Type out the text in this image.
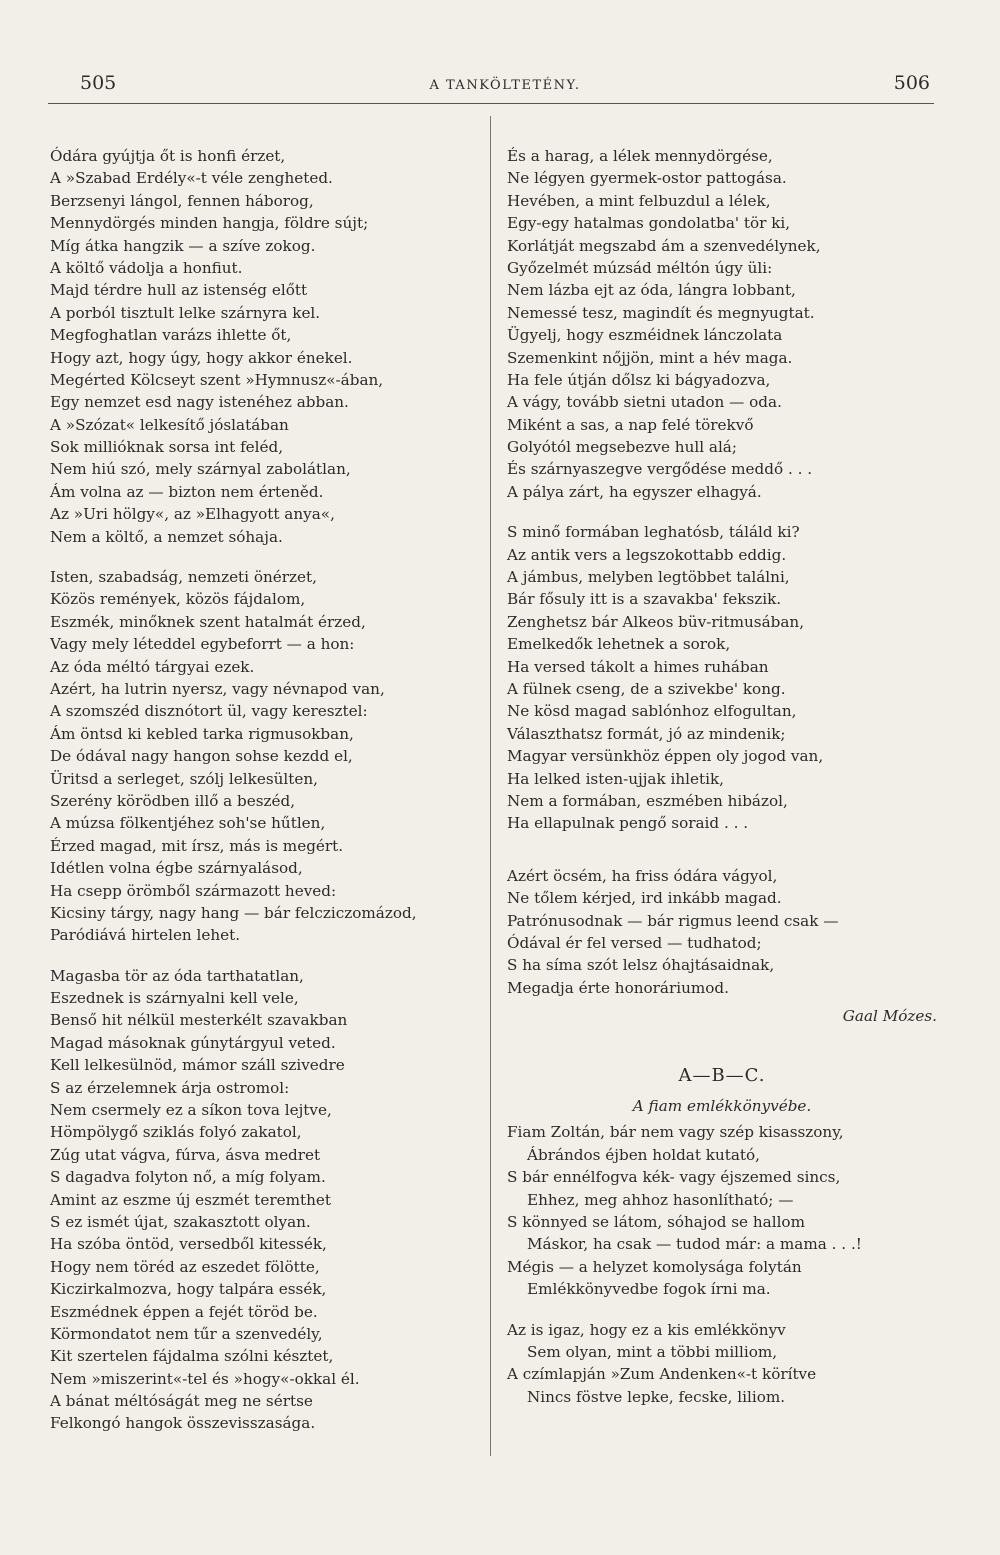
505	A TANKÖLTETÉNY.	506
Ódára gyújtja őt is honfi érzet,
A »Szabad Erdély«-t véle zengheted.
Berzsenyi lángol, fennen háborog,
Mennydörgés minden hangja, földre sújt;
Míg átka hangzik — a szíve zokog.
A költő vádolja a honfiut.
Majd térdre hull az istenség előtt
A porból tisztult lelke szárnyra kel.
Megfoghatlan varázs ihlette őt,
Hogy azt, hogy úgy, hogy akkor énekel.
Megérted Kölcseyt szent »Hymnusz«-ában,
Egy nemzet esd nagy istenéhez abban.
A »Szózat« lelkesítő jóslatában
Sok millióknak sorsa int feléd,
Nem hiú szó, mely szárnyal zabolátlan,
Ám volna az — bizton nem érteněd.
Az »Uri hölgy«, az »Elhagyott anya«,
Nem a költő, a nemzet sóhaja.
Isten, szabadság, nemzeti önérzet,
Közös remények, közös fájdalom,
Eszmék, minőknek szent hatalmát érzed,
Vagy mely léteddel egybeforrt — a hon:
Az óda méltó tárgyai ezek.
Azért, ha lutrin nyersz, vagy névnapod van,
A szomszéd disznótort ül, vagy keresztel:
Ám öntsd ki kebled tarka rigmusokban,
De ódával nagy hangon sohse kezdd el,
Üritsd a serleget, szólj lelkesülten,
Szerény körödben illő a beszéd,
A múzsa fölkentjéhez soh'se hűtlen,
Érzed magad, mit írsz, más is megért.
Idétlen volna égbe szárnyalásod,
Ha csepp örömből származott heved:
Kicsiny tárgy, nagy hang — bár felcziczomázod,
Paródiává hirtelen lehet.
Magasba tör az óda tarthatatlan,
Eszednek is szárnyalni kell vele,
Benső hit nélkül mesterkélt szavakban
Magad másoknak gúnytárgyul veted.
Kell lelkesülnöd, mámor száll szivedre
S az érzelemnek árja ostromol:
Nem csermely ez a síkon tova lejtve,
Hömpölygő sziklás folyó zakatol,
Zúg utat vágva, fúrva, ásva medret
S dagadva folyton nő, a míg folyam.
Amint az eszme új eszmét teremthet
S ez ismét újat, szakasztott olyan.
Ha szóba öntöd, versedből kitessék,
Hogy nem töréd az eszedet fölötte,
Kiczirkalmozva, hogy talpára essék,
Eszmédnek éppen a fejét töröd be.
Körmondatot nem tűr a szenvedély,
Kit szertelen fájdalma szólni késztet,
Nem »miszerint«-tel és »hogy«-okkal él.
A bánat méltóságát meg ne sértse
Felkongó hangok összevisszasága.
És a harag, a lélek mennydörgése,
Ne légyen gyermek-ostor pattogása.
Hevében, a mint felbuzdul a lélek,
Egy-egy hatalmas gondolatba' tör ki,
Korlátját megszabd ám a szenvedélynek,
Győzelmét múzsád méltón úgy üli:
Nem lázba ejt az óda, lángra lobbant,
Nemessé tesz, magindít és megnyugtat.
Ügyelj, hogy eszméidnek lánczolata
Szemenkint nőjjön, mint a hév maga.
Ha fele útján dőlsz ki bágyadozva,
A vágy, tovább sietni utadon — oda.
Miként a sas, a nap felé törekvő
Golyótól megsebezve hull alá;
És szárnyaszegve vergődése meddő . . .
A pálya zárt, ha egyszer elhagyá.
S minő formában leghatósb, táláld ki?
Az antik vers a legszokottabb eddig.
A jámbus, melyben legtöbbet találni,
Bár fősuly itt is a szavakba' fekszik.
Zenghetsz bár Alkeos büv-ritmusában,
Emelkedők lehetnek a sorok,
Ha versed tákolt a himes ruhában
A fülnek cseng, de a szivekbe' kong.
Ne kösd magad sablónhoz elfogultan,
Választhatsz formát, jó az mindenik;
Magyar versünkhöz éppen oly jogod van,
Ha lelked isten-ujjak ihletik,
Nem a formában, eszmében hibázol,
Ha ellapulnak pengő soraid . . .
Azért öcsém, ha friss ódára vágyol,
Ne tőlem kérjed, ird inkább magad.
Patrónusodnak — bár rigmus leend csak —
Ódával ér fel versed — tudhatod;
S ha síma szót lelsz óhajtásaidnak,
Megadja érte honoráriumod.
Gaal Mózes.
A—B—C.
A fiam emlékkönyvébe.
Fiam Zoltán, bár nem vagy szép kisasszony,
Ábrándos éjben holdat kutató,
S bár ennélfogva kék- vagy éjszemed sincs,
Ehhez, meg ahhoz hasonlítható; —
S könnyed se látom, sóhajod se hallom
Máskor, ha csak — tudod már: a mama . . .!
Mégis — a helyzet komolysága folytán
Emlékkönyvedbe fogok írni ma.
Az is igaz, hogy ez a kis emlékkönyv
Sem olyan, mint a többi milliom,
A czímlapján »Zum Andenken«-t körítve
Nincs föstve lepke, fecske, liliom.
